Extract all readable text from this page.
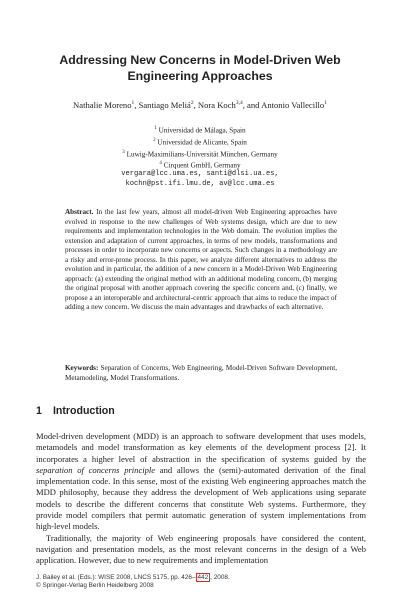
Addressing New Concerns in Model-Driven Web
Engineering Approaches
Nathalie Moreno$^1$, Santiago Meliá$^2$, Nora Koch$^{3,4}$, and Antonio Vallecillo$^1$
$^1$ Universidad de Málaga, Spain
$^2$ Universidad de Alicante, Spain
$^3$ Luwig-Maximilians-Universität München, Germany
$^4$ Cirquent GmbH, Germany
vergara@lcc.uma.es, santi@dlsi.ua.es,
kochn@pst.ifi.lmu.de, av@lcc.uma.es
Abstract. In the last few years, almost all model-driven Web Engineering approaches have evolved in response to the new challenges of Web systems design, which are due to new requirements and implementation technologies in the Web domain. The evolution implies the extension and adaptation of current approaches, in terms of new models, transformations and processes in order to incorporate new concerns or aspects. Such changes in a methodology are a risky and error-prone process. In this paper, we analyze different alternatives to address the evolution and in particular, the addition of a new concern in a Model-Driven Web Engineering approach: (a) extending the original method with an additional modeling concern, (b) merging the original proposal with another approach covering the specific concern and, (c) finally, we propose a an interoperable and architectural-centric approach that aims to reduce the impact of adding a new concern. We discuss the main advantages and drawbacks of each alternative.
Keywords: Separation of Concerns, Web Engineering, Model-Driven Software Development, Metamodeling, Model Transformations.
1 Introduction

Model-driven development (MDD) is an approach to software development that uses models, metamodels and model transformation as key elements of the development process [2]. It incorporates a higher level of abstraction in the specification of systems guided by the separation of concerns principle and allows the (semi)-automated derivation of the final implementation code. In this sense, most of the existing Web engineering approaches match the MDD philosophy, because they address the development of Web applications using separate models to describe the different concerns that constitute Web systems. Furthermore, they provide model compilers that permit automatic generation of system implementations from high-level models.

Traditionally, the majority of Web engineering proposals have considered the content, navigation and presentation models, as the most relevant concerns in the design of a Web application. However, due to new requirements and implementation

J. Bailey et al. (Eds.): WISE 2008, LNCS 5175, pp. 426– 442 , 2008.
© Springer-Verlag Berlin Heidelberg 2008
